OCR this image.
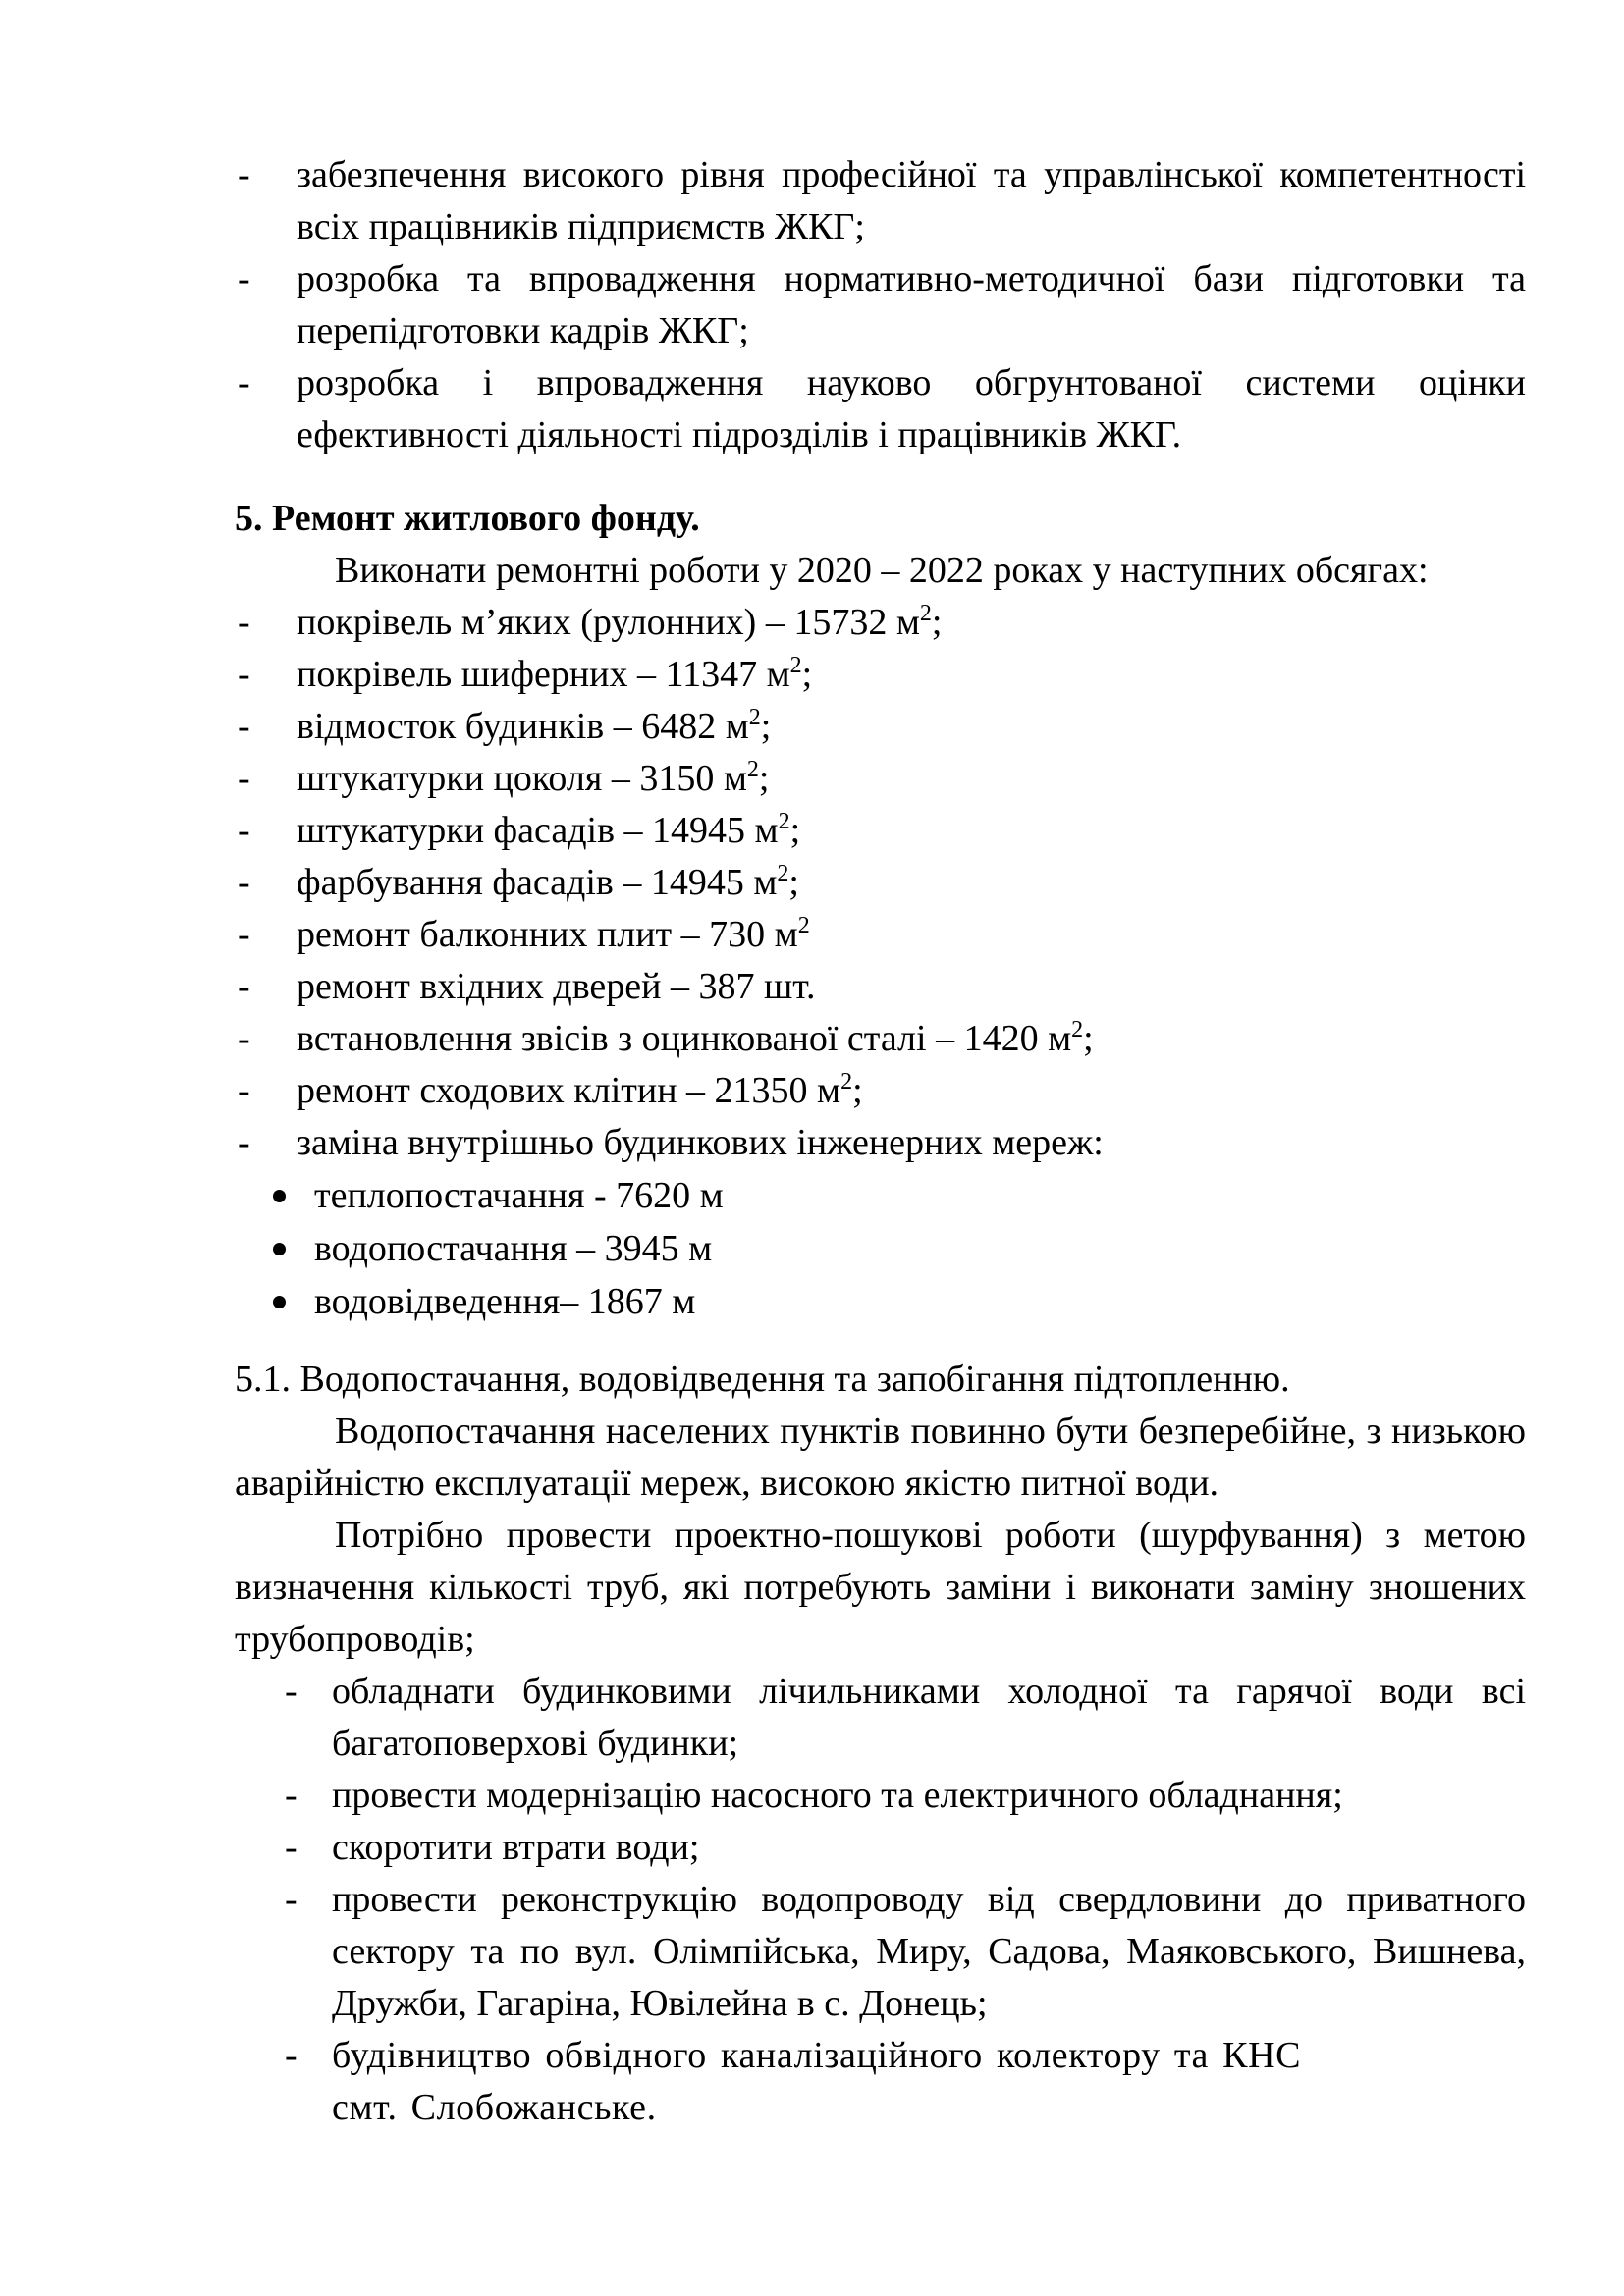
- забезпечення високого рівня професійної та управлінської компетентності всіх працівників підприємств ЖКГ;
- розробка та впровадження нормативно-методичної бази підготовки та перепідготовки кадрів ЖКГ;
- розробка і впровадження науково обгрунтованої системи оцінки ефективності діяльності підрозділів і працівників ЖКГ.
5. Ремонт житлового фонду.

Виконати ремонтні роботи у 2020 – 2022 роках у наступних обсягах:

- покрівель м’яких (рулонних) – 15732 $м^2$;
- покрівель шиферних – 11347 $м^2$;
- відмосток будинків – 6482 $м^2$;
- штукатурки цоколя – 3150 $м^2$;
- штукатурки фасадів – 14945 $м^2$;
- фарбування фасадів – 14945 $м^2$;
- ремонт балконних плит – 730 $м^2$
- ремонт вхідних дверей – 387 шт.
- встановлення звісів з оцинкованої сталі – 1420 $м^2$;
- ремонт сходових клітин – 21350 $м^2$;
- заміна внутрішньо будинкових інженерних мереж:
теплопостачання - 7620 м
водопостачання – 3945 м
водовідведення– 1867 м

5.1. Водопостачання, водовідведення та запобігання підтопленню.

Водопостачання населених пунктів повинно бути безперебійне, з низькою аварійністю експлуатації мереж, високою якістю питної води.

Потрібно провести проектно-пошукові роботи (шурфування) з метою визначення кількості труб, які потребують заміни і виконати заміну зношених трубопроводів;

- обладнати будинковими лічильниками холодної та гарячої води всі багатоповерхові будинки;
- провести модернізацію насосного та електричного обладнання;
- скоротити втрати води;
- провести реконструкцію водопроводу від свердловини до приватного сектору та по вул. Олімпійська, Миру, Садова, Маяковського, Вишнева, Дружби, Гагаріна, Ювілейна в с. Донець;
- будівництво обвідного каналізаційного колектору та КНС
смт. Слобожанське.
